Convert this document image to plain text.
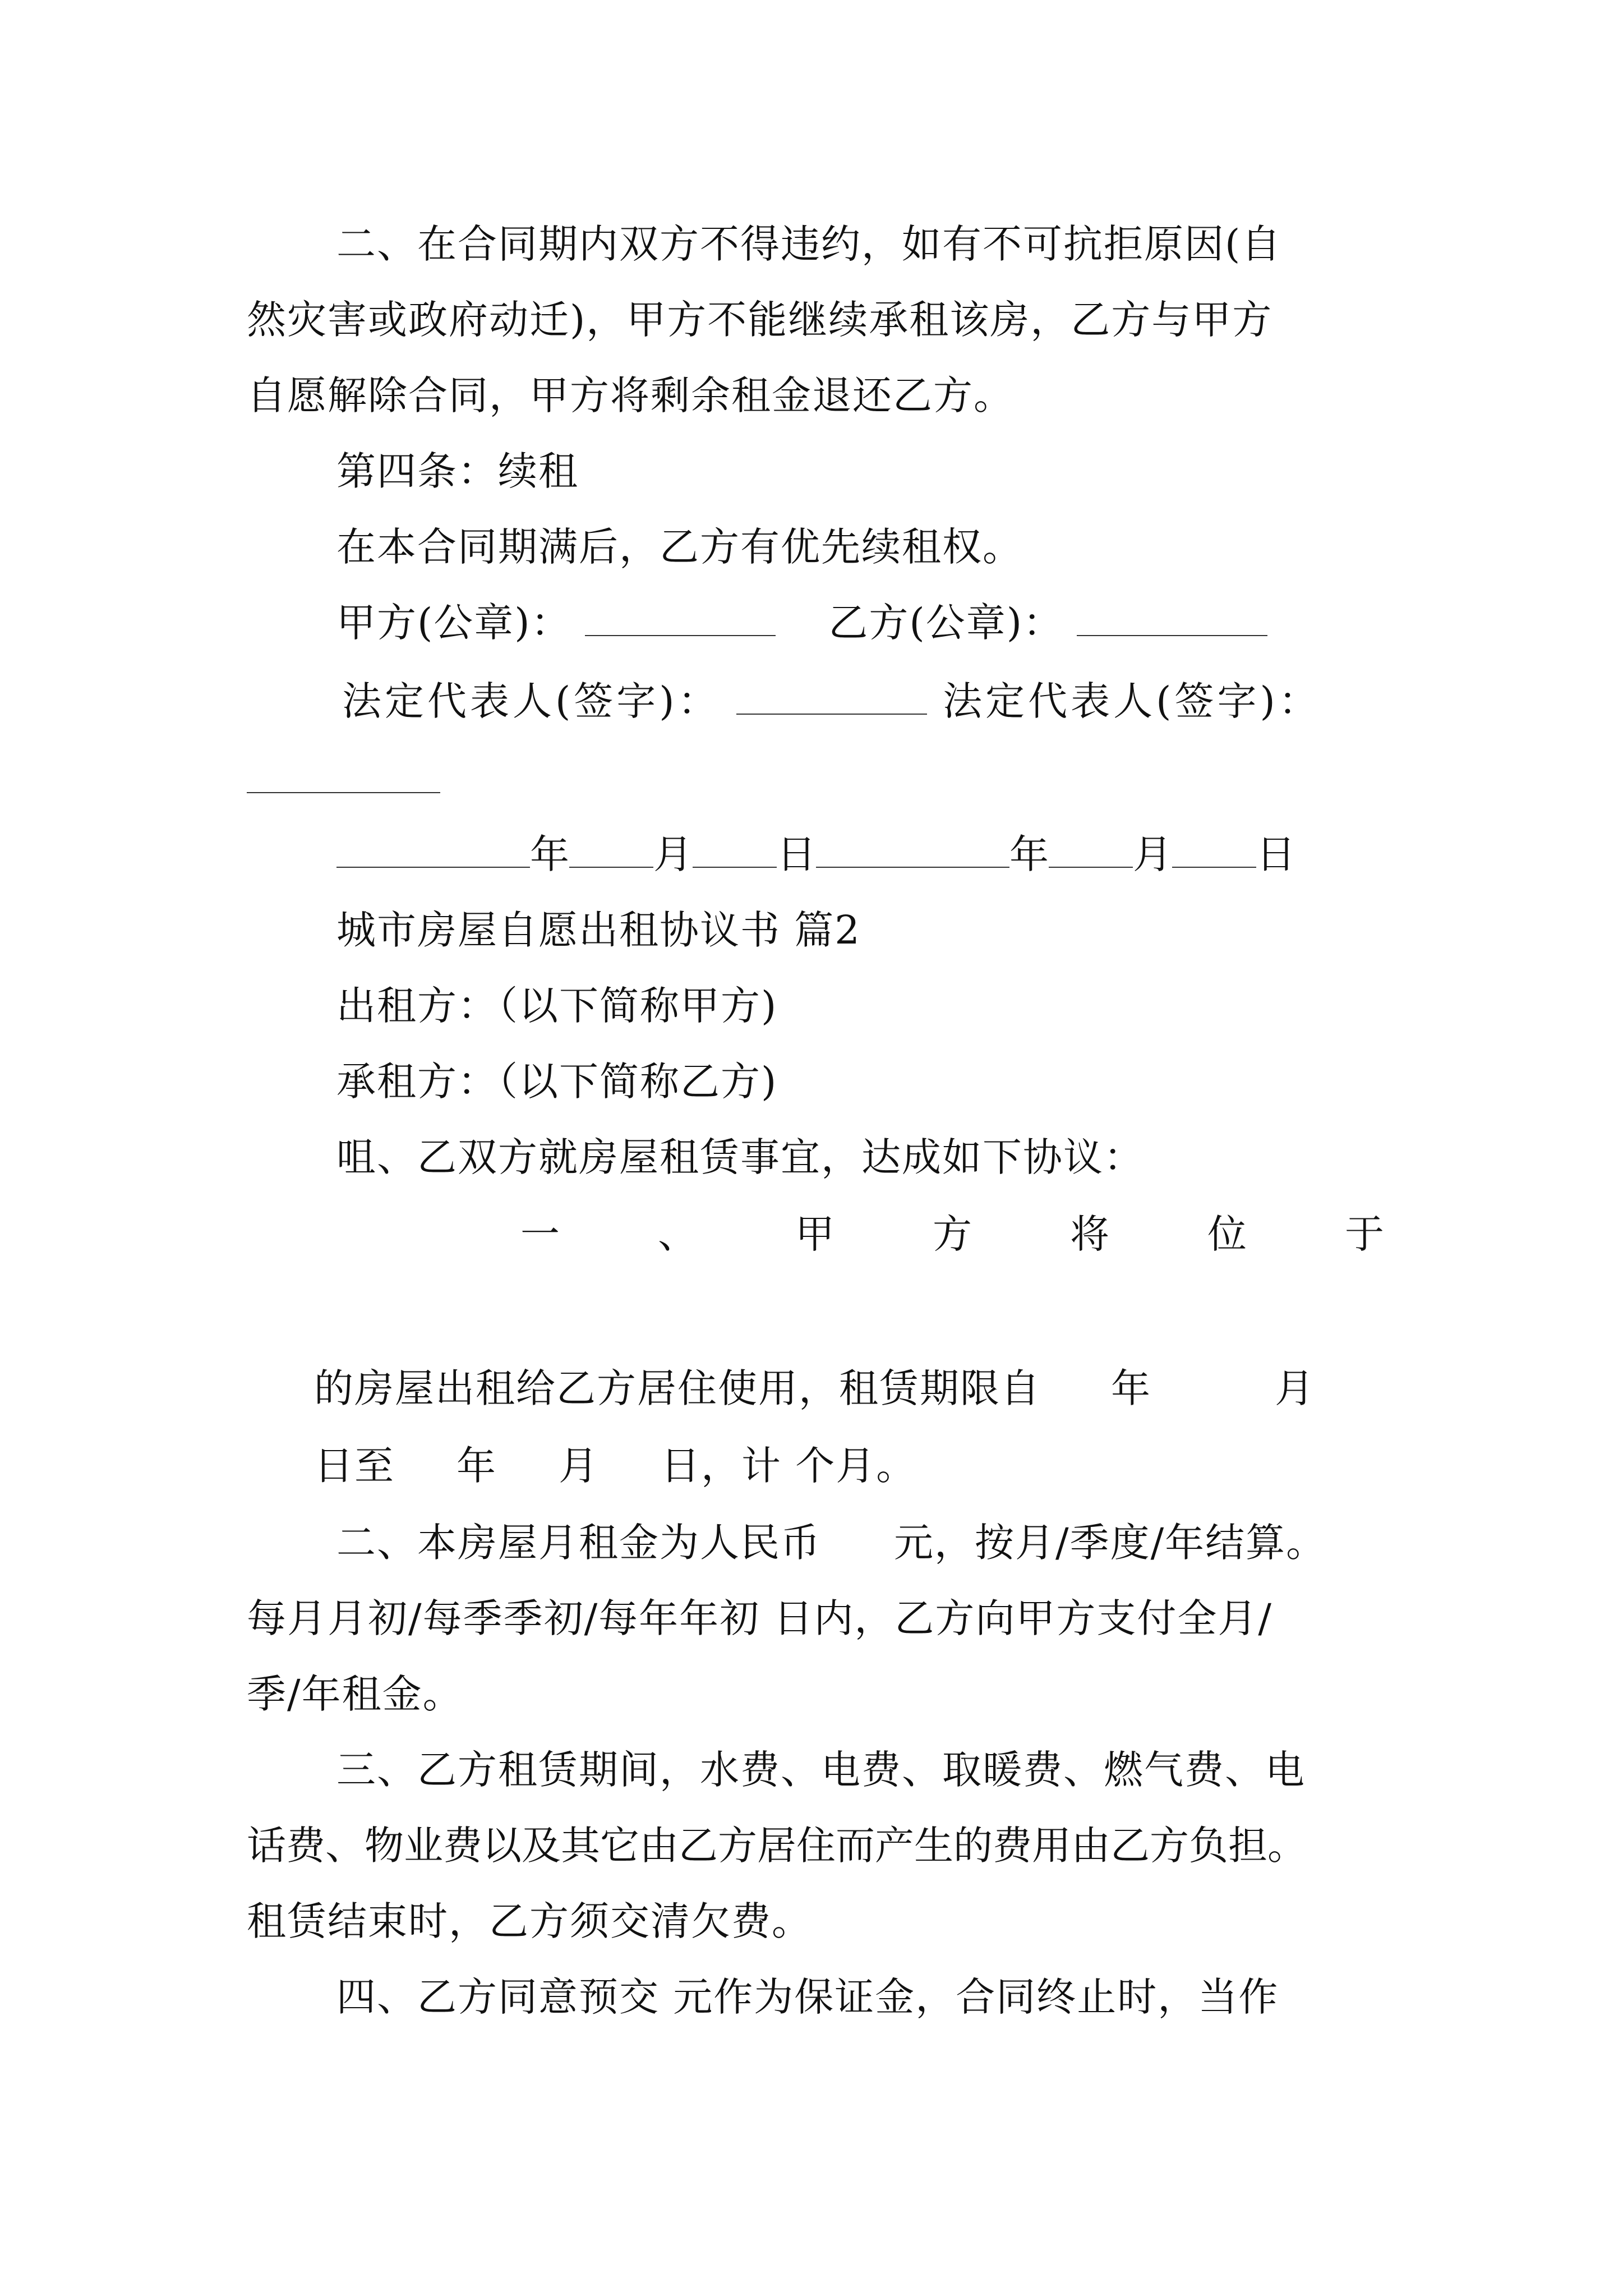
二、在合同期内双方不得违约，如有不可抗拒原因(自
然灾害或政府动迁)，甲方不能继续承租该房，乙方与甲方
自愿解除合同，甲方将剩余租金退还乙方。
第四条：续租
在本合同期满后，乙方有优先续租权。
甲方(公章)：	乙方(公章)：
法定代表人(签字)：	法定代表人(签字)：
年 月 日	年 月 日
城市房屋自愿出租协议书 篇2
出租方：（以下简称甲方)
承租方：（以下简称乙方)
咀、乙双方就房屋租赁事宜，达成如下协议：
一	、	甲	方	将	位	于
的房屋出租给乙方居住使用，租赁期限自 年	月
日至 年 月 日，计 个月。
二、本房屋月租金为人民币 元，按月/季度/年结算。
每月月初/每季季初/每年年初 日内，乙方向甲方支付全月/
季/年租金。
三、乙方租赁期间，水费、电费、取暖费、燃气费、电
话费、物业费以及其它由乙方居住而产生的费用由乙方负担。
租赁结束时，乙方须交清欠费。
四、乙方同意预交 元作为保证金，合同终止时，当作
